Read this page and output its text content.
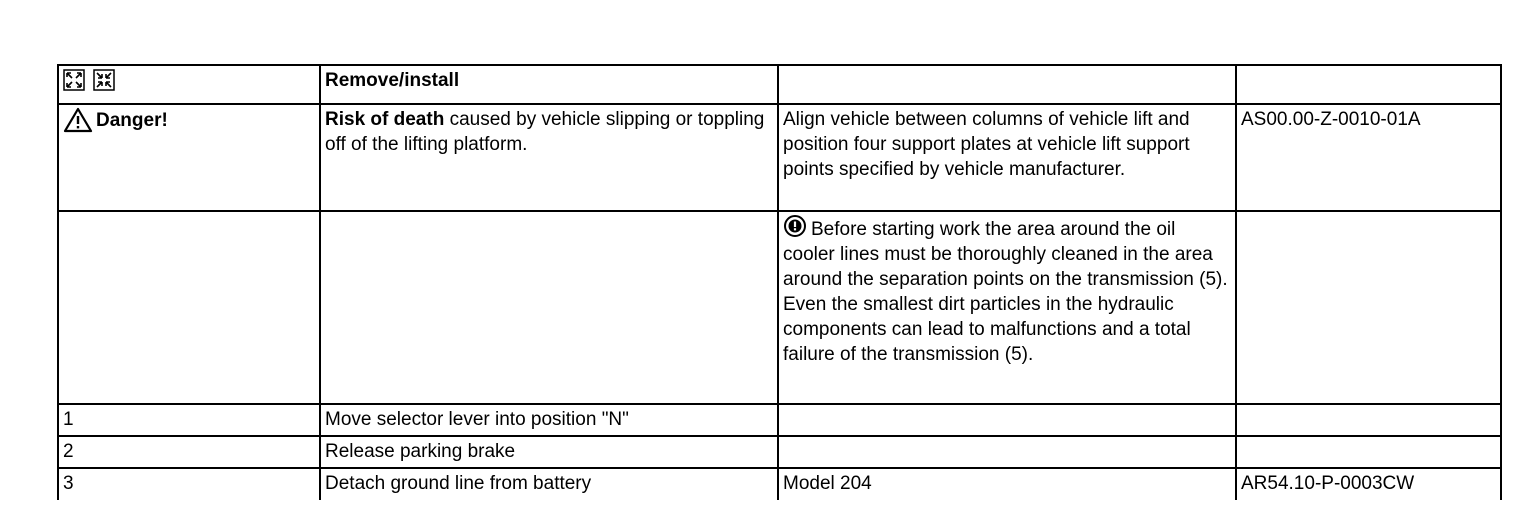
	Remove/install		

Danger!	Risk of death caused by vehicle slipping or toppling off of the lifting platform.	Align vehicle between columns of vehicle lift and position four support plates at vehicle lift support points specified by vehicle manufacturer.	AS00.00-Z-0010-01A
		Before starting work the area around the oil cooler lines must be thoroughly cleaned in the area around the separation points on the transmission (5). Even the smallest dirt particles in the hydraulic components can lead to malfunctions and a total failure of the transmission (5).	
1	Move selector lever into position "N"		
2	Release parking brake		
3	Detach ground line from battery	Model 204	AR54.10-P-0003CW
